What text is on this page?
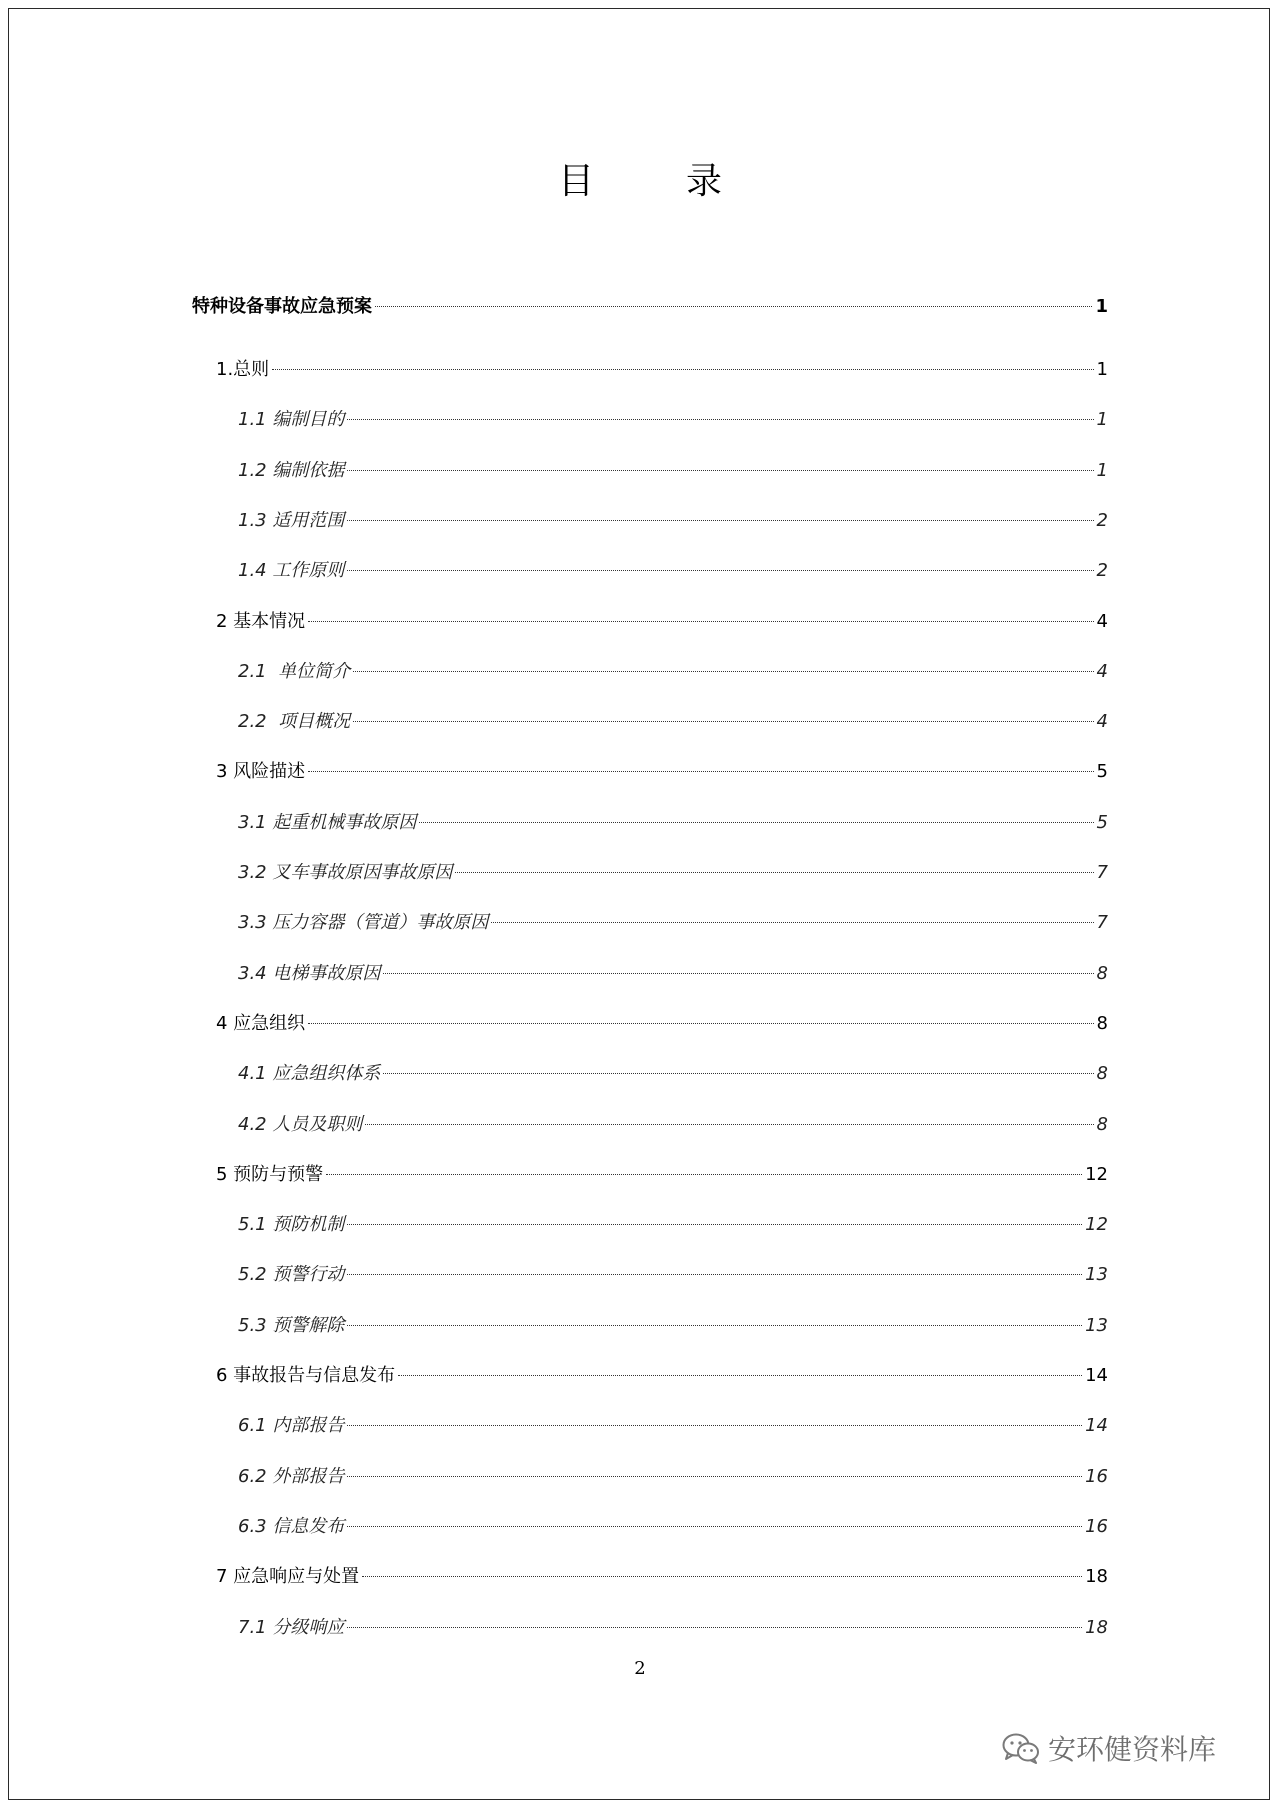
目　录
特种设备事故应急预案	1
1.总则	1
1.1 编制目的	1
1.2 编制依据	1
1.3 适用范围	2
1.4 工作原则	2
2 基本情况	4
2.1  单位简介	4
2.2  项目概况	4
3 风险描述	5
3.1 起重机械事故原因	5
3.2 叉车事故原因事故原因	7
3.3 压力容器（管道）事故原因	7
3.4 电梯事故原因	8
4 应急组织	8
4.1 应急组织体系	8
4.2 人员及职则	8
5 预防与预警	12
5.1 预防机制	12
5.2 预警行动	13
5.3 预警解除	13
6 事故报告与信息发布	14
6.1 内部报告	14
6.2 外部报告	16
6.3 信息发布	16
7 应急响应与处置	18
7.1 分级响应	18
2
安环健资料库
